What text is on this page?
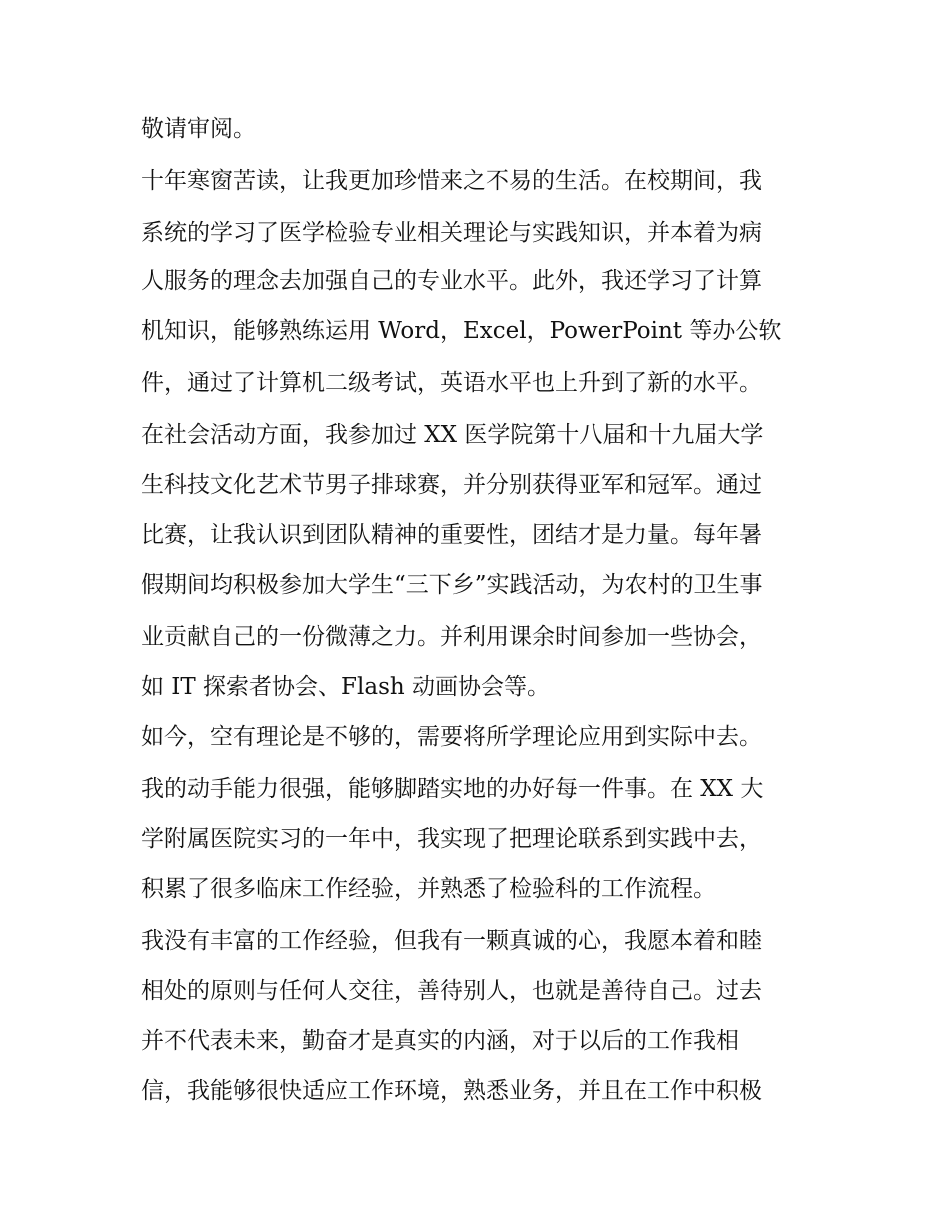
敬请审阅。
十年寒窗苦读，让我更加珍惜来之不易的生活。在校期间，我
系统的学习了医学检验专业相关理论与实践知识，并本着为病
人服务的理念去加强自己的专业水平。此外，我还学习了计算
机知识，能够熟练运用 Word，Excel，PowerPoint 等办公软
件，通过了计算机二级考试，英语水平也上升到了新的水平。
在社会活动方面，我参加过 XX 医学院第十八届和十九届大学
生科技文化艺术节男子排球赛，并分别获得亚军和冠军。通过
比赛，让我认识到团队精神的重要性，团结才是力量。每年暑
假期间均积极参加大学生“三下乡”实践活动，为农村的卫生事
业贡献自己的一份微薄之力。并利用课余时间参加一些协会，
如 IT 探索者协会、Flash 动画协会等。
如今，空有理论是不够的，需要将所学理论应用到实际中去。
我的动手能力很强，能够脚踏实地的办好每一件事。在 XX 大
学附属医院实习的一年中，我实现了把理论联系到实践中去，
积累了很多临床工作经验，并熟悉了检验科的工作流程。
我没有丰富的工作经验，但我有一颗真诚的心，我愿本着和睦
相处的原则与任何人交往，善待别人，也就是善待自己。过去
并不代表未来，勤奋才是真实的内涵，对于以后的工作我相
信，我能够很快适应工作环境，熟悉业务，并且在工作中积极
